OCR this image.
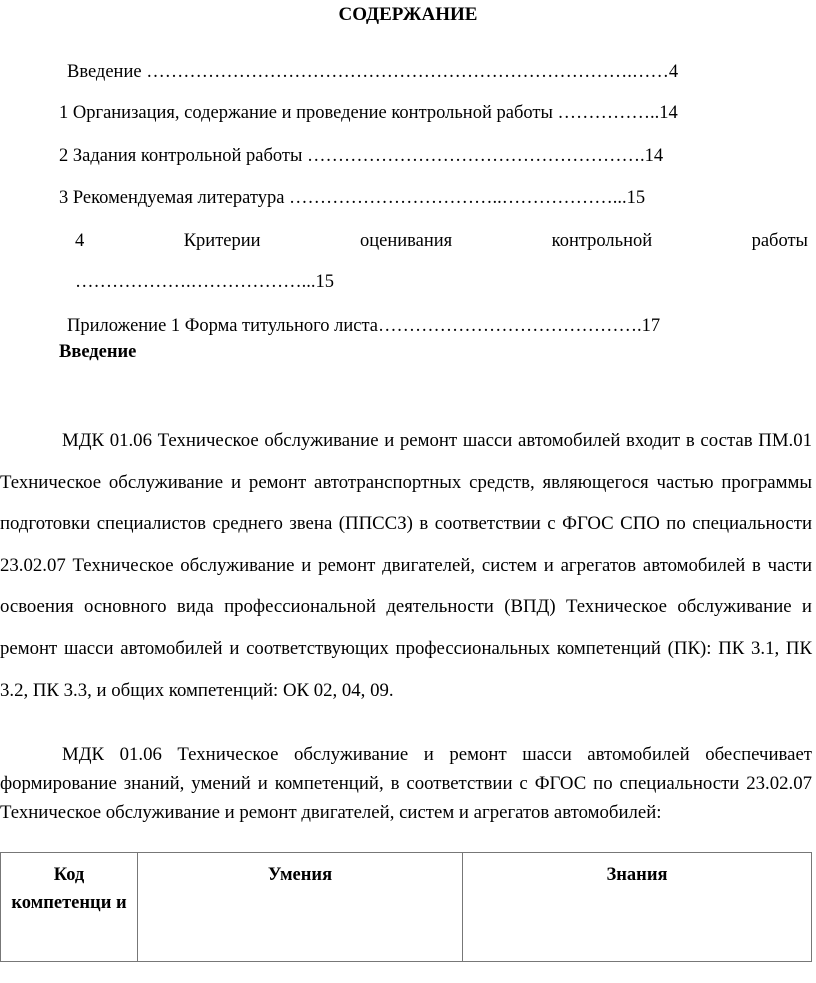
СОДЕРЖАНИЕ
Введение …………………………………………………………………….……4
1 Организация, содержание и проведение контрольной работы ……………..14
2 Задания контрольной работы ……………………………………………….14
3 Рекомендуемая литература ……………………………..………………...15
4	Критерии	оценивания	контрольной	работы
……………….………………...15
Приложение 1 Форма титульного листа…………………………………….17
Введение
МДК 01.06 Техническое обслуживание и ремонт шасси автомобилей входит в состав ПМ.01 Техническое обслуживание и ремонт автотранспортных средств, являющегося частью программы подготовки специалистов среднего звена (ППССЗ) в соответствии с ФГОС СПО по специальности 23.02.07 Техническое обслуживание и ремонт двигателей, систем и агрегатов автомобилей в части освоения основного вида профессиональной деятельности (ВПД) Техническое обслуживание и ремонт шасси автомобилей и соответствующих профессиональных компетенций (ПК): ПК 3.1, ПК 3.2, ПК 3.3, и общих компетенций: ОК 02, 04, 09.
МДК 01.06 Техническое обслуживание и ремонт шасси автомобилей обеспечивает формирование знаний, умений и компетенций, в соответствии с ФГОС по специальности 23.02.07 Техническое обслуживание и ремонт двигателей, систем и агрегатов автомобилей:
Код компетенци и	Умения	Знания
